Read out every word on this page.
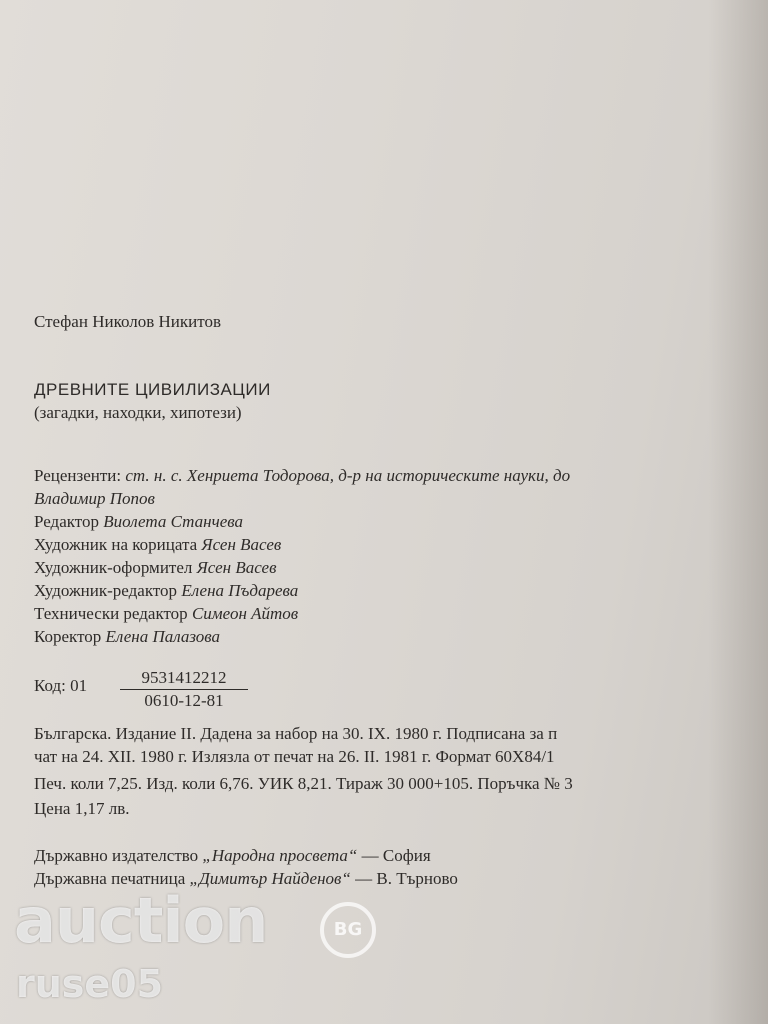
Стефан Николов Никитов
ДРЕВНИТЕ ЦИВИЛИЗАЦИИ
(загадки, находки, хипотези)
Рецензенти: ст. н. с. Хенриета Тодорова, д-р на историческите науки, до
Владимир Попов
Редактор Виолета Станчева
Художник на корицата Ясен Васев
Художник-оформител Ясен Васев
Художник-редактор Елена Пъдарева
Технически редактор Симеон Айтов
Коректор Елена Палазова
Код: 01	9531412212
0610-12-81
Българска. Издание II. Дадена за набор на 30. IX. 1980 г. Подписана за п
чат на 24. XII. 1980 г. Излязла от печат на 26. II. 1981 г. Формат 60Х84/1
Печ. коли 7,25. Изд. коли 6,76. УИК 8,21. Тираж 30 000+105. Поръчка № 3
Цена 1,17 лв.
Държавно издателство „Народна просвета“ — София
Държавна печатница „Димитър Найденов“ — В. Търново
auction	BG
ruse05
